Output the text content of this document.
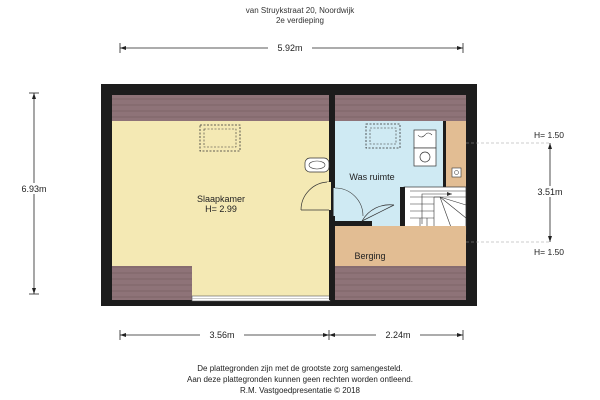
van Struykstraat 20, Noordwijk
2e verdieping
5.92m
6.93m
Slaapkamer
H= 2.99
Was ruimte
Berging
3.51m
H= 1.50
H= 1.50
3.56m	2.24m
De plattegronden zijn met de grootste zorg samengesteld.
Aan deze plattegronden kunnen geen rechten worden ontleend.
R.M. Vastgoedpresentatie © 2018
